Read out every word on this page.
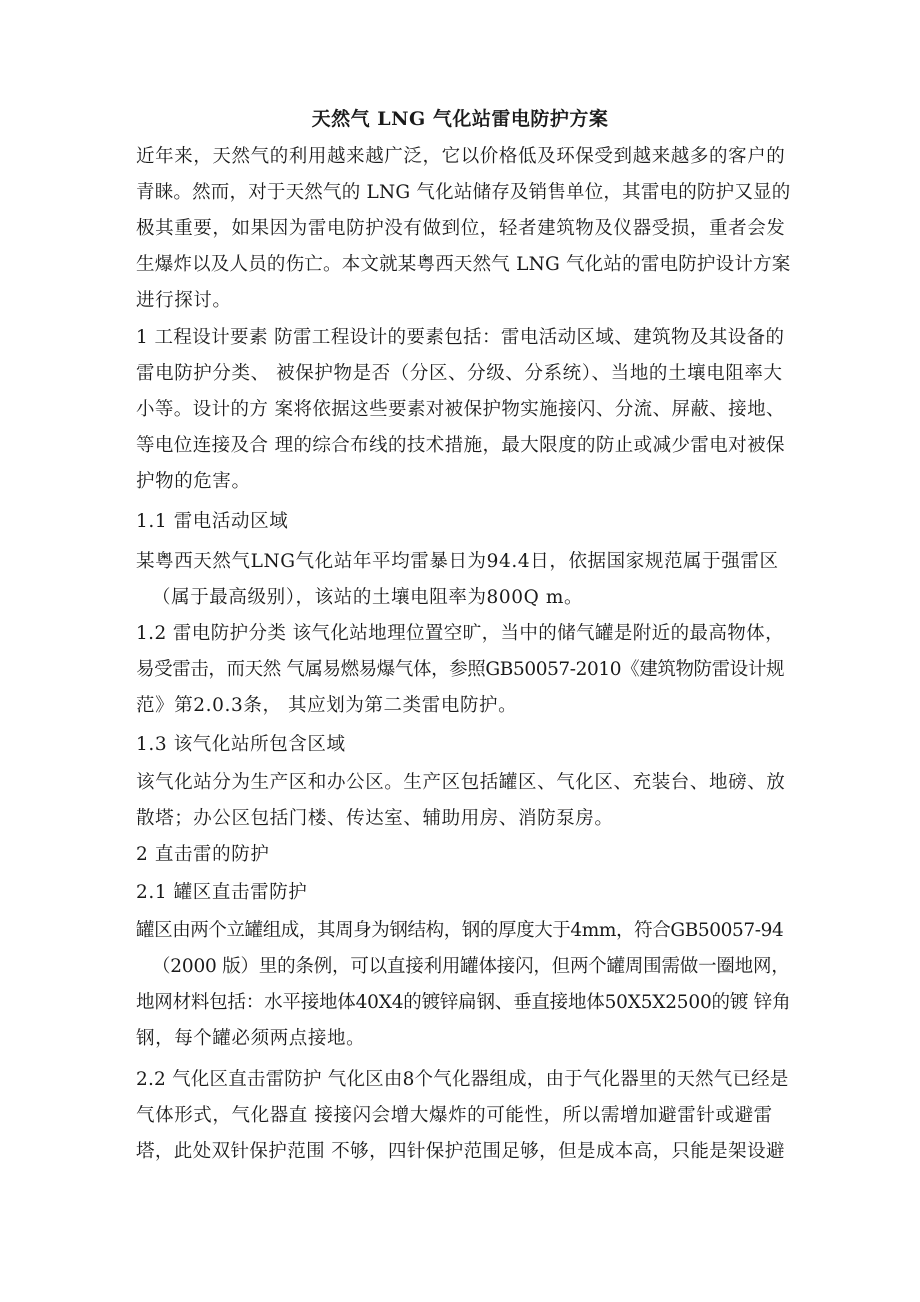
天然气 LNG 气化站雷电防护方案
近年来，天然气的利用越来越广泛，它以价格低及环保受到越来越多的客户的
青睐。然而，对于天然气的 LNG 气化站储存及销售单位，其雷电的防护又显的
极其重要，如果因为雷电防护没有做到位，轻者建筑物及仪器受损，重者会发
生爆炸以及人员的伤亡。本文就某粤西天然气 LNG 气化站的雷电防护设计方案
进行探讨。
1 工程设计要素 防雷工程设计的要素包括：雷电活动区域、建筑物及其设备的
雷电防护分类、 被保护物是否（分区、分级、分系统）、当地的土壤电阻率大
小等。设计的方 案将依据这些要素对被保护物实施接闪、分流、屏蔽、接地、
等电位连接及合 理的综合布线的技术措施，最大限度的防止或减少雷电对被保
护物的危害。
1.1 雷电活动区域
某粤西天然气LNG气化站年平均雷暴日为94.4日，依据国家规范属于强雷区
（属于最高级别），该站的土壤电阻率为800Q m。
1.2 雷电防护分类 该气化站地理位置空旷，当中的储气罐是附近的最高物体，
易受雷击，而天然 气属易燃易爆气体，参照GB50057-2010《建筑物防雷设计规
范》第2.0.3条， 其应划为第二类雷电防护。
1.3 该气化站所包含区域
该气化站分为生产区和办公区。生产区包括罐区、气化区、充装台、地磅、放
散塔；办公区包括门楼、传达室、辅助用房、消防泵房。
2 直击雷的防护
2.1 罐区直击雷防护
罐区由两个立罐组成，其周身为钢结构，钢的厚度大于4mm，符合GB50057-94
（2000 版）里的条例，可以直接利用罐体接闪，但两个罐周围需做一圈地网，
地网材料包括：水平接地体40X4的镀锌扁钢、垂直接地体50X5X2500的镀 锌角
钢，每个罐必须两点接地。
2.2 气化区直击雷防护 气化区由8个气化器组成，由于气化器里的天然气已经是
气体形式，气化器直 接接闪会增大爆炸的可能性，所以需增加避雷针或避雷
塔，此处双针保护范围 不够，四针保护范围足够，但是成本高，只能是架设避
